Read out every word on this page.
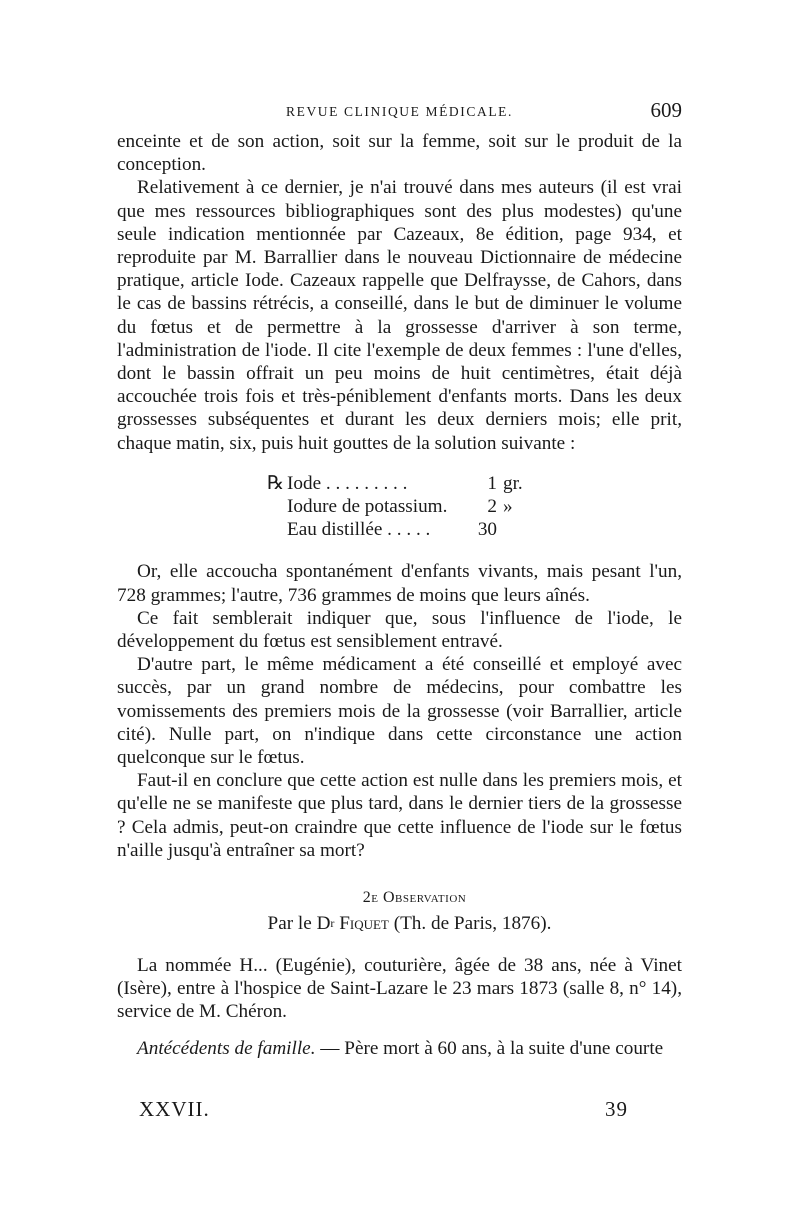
REVUE CLINIQUE MÉDICALE.	609

enceinte et de son action, soit sur la femme, soit sur le produit de la conception.

Relativement à ce dernier, je n'ai trouvé dans mes auteurs (il est vrai que mes ressources bibliographiques sont des plus modestes) qu'une seule indication mentionnée par Cazeaux, 8e édition, page 934, et reproduite par M. Barrallier dans le nouveau Dictionnaire de médecine pratique, article Iode. Cazeaux rappelle que Delfraysse, de Cahors, dans le cas de bassins rétrécis, a conseillé, dans le but de diminuer le volume du fœtus et de permettre à la grossesse d'arriver à son terme, l'administration de l'iode. Il cite l'exemple de deux femmes : l'une d'elles, dont le bassin offrait un peu moins de huit centimètres, était déjà accouchée trois fois et très-péniblement d'enfants morts. Dans les deux grossesses subséquentes et durant les deux derniers mois; elle prit, chaque matin, six, puis huit gouttes de la solution suivante :

℞ Iode . . . . . . . . .	1 gr.
Iodure de potassium.	2 »
Eau distillée . . . . .	30

Or, elle accoucha spontanément d'enfants vivants, mais pesant l'un, 728 grammes; l'autre, 736 grammes de moins que leurs aînés.

Ce fait semblerait indiquer que, sous l'influence de l'iode, le développement du fœtus est sensiblement entravé.

D'autre part, le même médicament a été conseillé et employé avec succès, par un grand nombre de médecins, pour combattre les vomissements des premiers mois de la grossesse (voir Barrallier, article cité). Nulle part, on n'indique dans cette circonstance une action quelconque sur le fœtus.

Faut-il en conclure que cette action est nulle dans les premiers mois, et qu'elle ne se manifeste que plus tard, dans le dernier tiers de la grossesse ? Cela admis, peut-on craindre que cette influence de l'iode sur le fœtus n'aille jusqu'à entraîner sa mort?

2e Observation
Par le $D^r$ Fiquet (Th. de Paris, 1876).

La nommée H... (Eugénie), couturière, âgée de 38 ans, née à Vinet (Isère), entre à l'hospice de Saint-Lazare le 23 mars 1873 (salle 8, n° 14), service de M. Chéron.

Antécédents de famille. — Père mort à 60 ans, à la suite d'une courte

XXVII.	39
